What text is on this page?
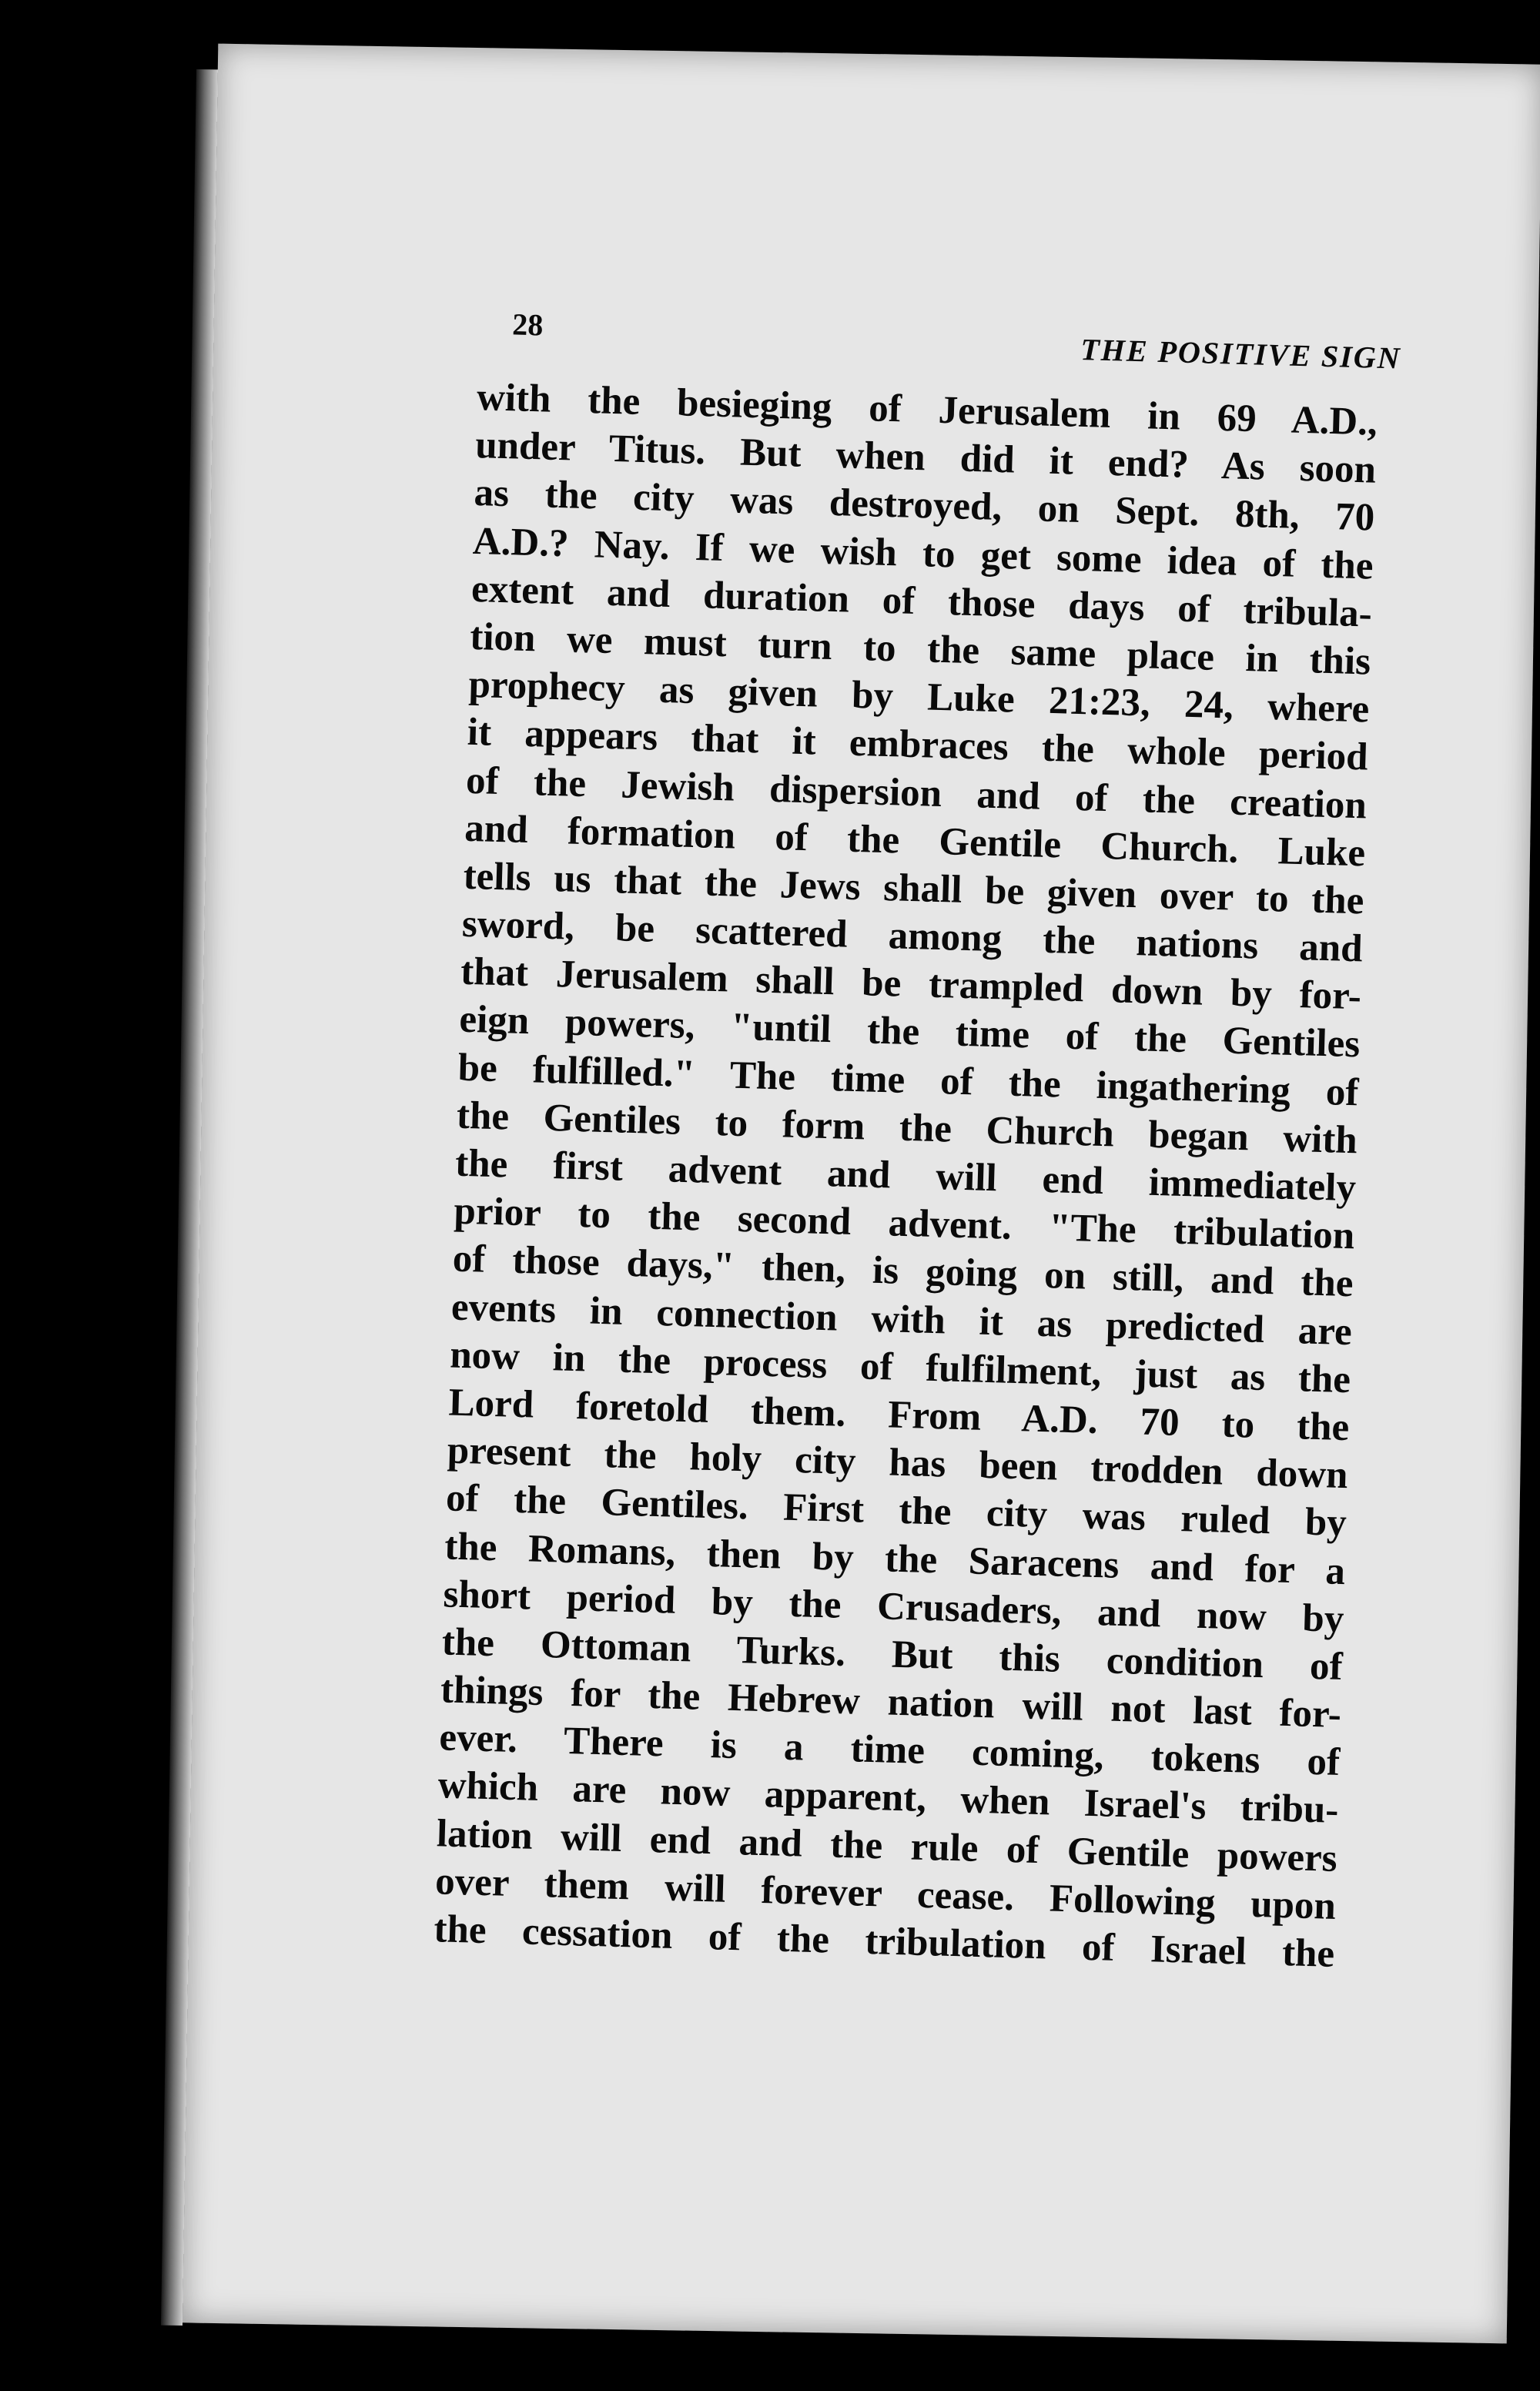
28
THE POSITIVE SIGN
with the besieging of Jerusalem in 69 A.D.,
under Titus. But when did it end? As soon
as the city was destroyed, on Sept. 8th, 70
A.D.? Nay. If we wish to get some idea of the
extent and duration of those days of tribula-
tion we must turn to the same place in this
prophecy as given by Luke 21:23, 24, where
it appears that it embraces the whole period
of the Jewish dispersion and of the creation
and formation of the Gentile Church. Luke
tells us that the Jews shall be given over to the
sword, be scattered among the nations and
that Jerusalem shall be trampled down by for-
eign powers, "until the time of the Gentiles
be fulfilled." The time of the ingathering of
the Gentiles to form the Church began with
the first advent and will end immediately
prior to the second advent. "The tribulation
of those days," then, is going on still, and the
events in connection with it as predicted are
now in the process of fulfilment, just as the
Lord foretold them. From A.D. 70 to the
present the holy city has been trodden down
of the Gentiles. First the city was ruled by
the Romans, then by the Saracens and for a
short period by the Crusaders, and now by
the Ottoman Turks. But this condition of
things for the Hebrew nation will not last for-
ever. There is a time coming, tokens of
which are now apparent, when Israel's tribu-
lation will end and the rule of Gentile powers
over them will forever cease. Following upon
the cessation of the tribulation of Israel the
